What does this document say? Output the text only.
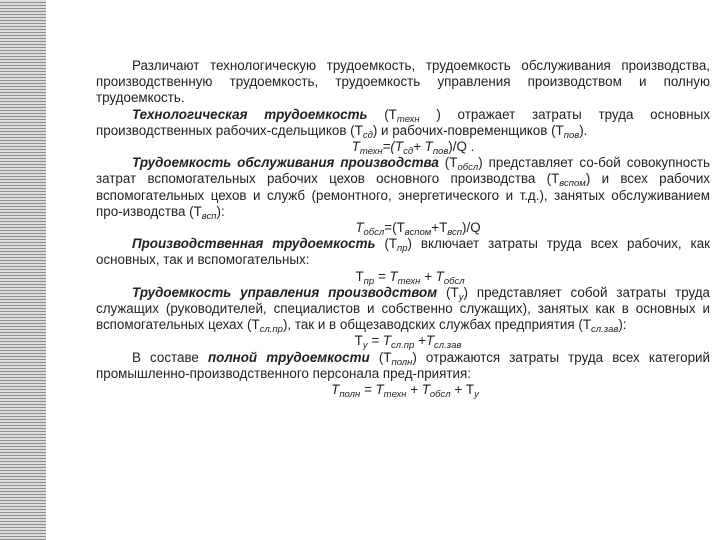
Различают технологическую трудоемкость, трудоемкость обслуживания производства, производственную трудоемкость, трудоемкость управления производством и полную трудоемкость.

Технологическая трудоемкость ($T_{техн}$ ) отражает затраты труда основных производственных рабочих-сдельщиков $(T_{сд})$ и рабочих-повременщиков $(T_{пов})$.

$T_{техн}=(T_{сд}+ T_{пов})/Q$ .

Трудоемкость обслуживания производства $(T_{обсл})$ представляет со-бой совокупность затрат вспомогательных рабочих цехов основного производства $(T_{вспом})$ и всех рабочих вспомогательных цехов и служб (ремонтного, энергетического и т.д.), занятых обслуживанием про-изводства $(T_{всп})$:

$T_{обсл}=(T_{вспом}+T_{всп})/Q$

Производственная трудоемкость $(T_{пр})$ включает затраты труда всех рабочих, как основных, так и вспомогательных:

$T_{пр} = T_{техн} + T_{обсл}$

Трудоемкость управления производством $(T_у)$ представляет собой затраты труда служащих (руководителей, специалистов и собственно служащих), занятых как в основных и вспомогательных цехах $(T_{сл.пр})$, так и в общезаводских службах предприятия $(T_{сл.зав})$:

$T_у = T_{сл.пр} +T_{сл.зав}$

В составе полной трудоемкости $(T_{полн})$ отражаются затраты труда всех категорий промышленно-производственного персонала пред-приятия:

$T_{полн} = T_{техн} + T_{обсл} + T_у$
